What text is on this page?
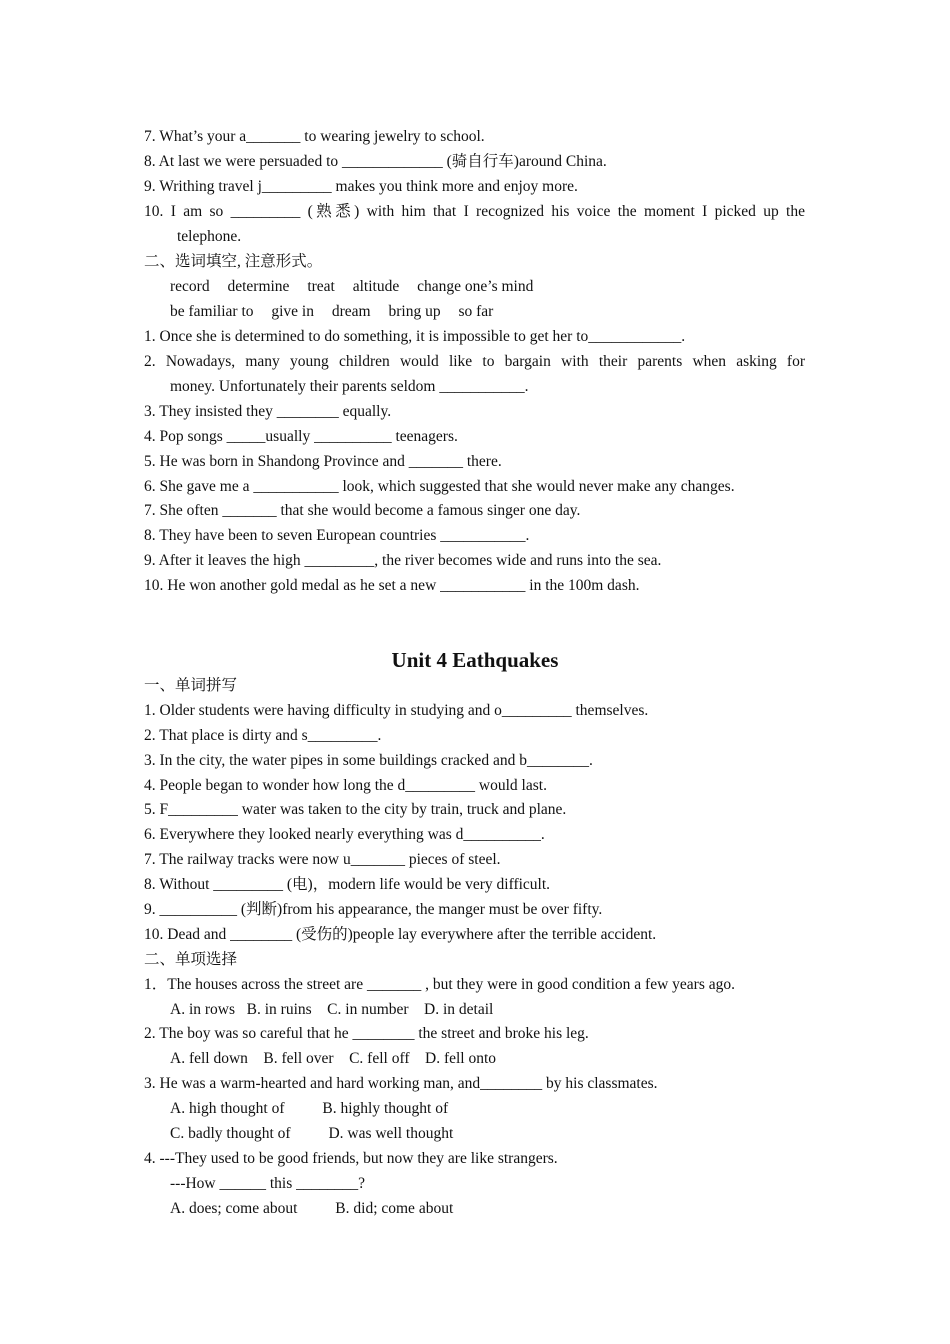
7. What’s your a_______ to wearing jewelry to school.
8. At last we were persuaded to _____________ (骑自行车)around China.
9. Writhing travel j_________ makes you think more and enjoy more.
10. I am so _________ (熟悉) with him that I recognized his voice the moment I picked up the
telephone.
二、选词填空, 注意形式。
record determine treat altitude change one’s mind
be familiar to give in dream bring up so far
1. Once she is determined to do something, it is impossible to get her to____________.
2. Nowadays, many young children would like to bargain with their parents when asking for
money. Unfortunately their parents seldom ___________.
3. They insisted they ________ equally.
4. Pop songs _____usually __________ teenagers.
5. He was born in Shandong Province and _______ there.
6. She gave me a ___________ look, which suggested that she would never make any changes.
7. She often _______ that she would become a famous singer one day.
8. They have been to seven European countries ___________.
9. After it leaves the high _________, the river becomes wide and runs into the sea.
10. He won another gold medal as he set a new ___________ in the 100m dash.
Unit 4 Eathquakes
一、单词拼写
1. Older students were having difficulty in studying and o_________ themselves.
2. That place is dirty and s_________.
3. In the city, the water pipes in some buildings cracked and b________.
4. People began to wonder how long the d_________ would last.
5. F_________ water was taken to the city by train, truck and plane.
6. Everywhere they looked nearly everything was d__________.
7. The railway tracks were now u_______ pieces of steel.
8. Without _________ (电)，modern life would be very difficult.
9. __________ (判断)from his appearance, the manger must be over fifty.
10. Dead and ________ (受伤的)people lay everywhere after the terrible accident.
二、单项选择
1．The houses across the street are _______ , but they were in good condition a few years ago.
A. in rows B. in ruins C. in number D. in detail
2. The boy was so careful that he ________ the street and broke his leg.
A. fell down B. fell over C. fell off D. fell onto
3. He was a warm-hearted and hard working man, and________ by his classmates.
A. high thought of B. highly thought of
C. badly thought of D. was well thought
4. ---They used to be good friends, but now they are like strangers.
---How ______ this ________?
A. does; come about B. did; come about
